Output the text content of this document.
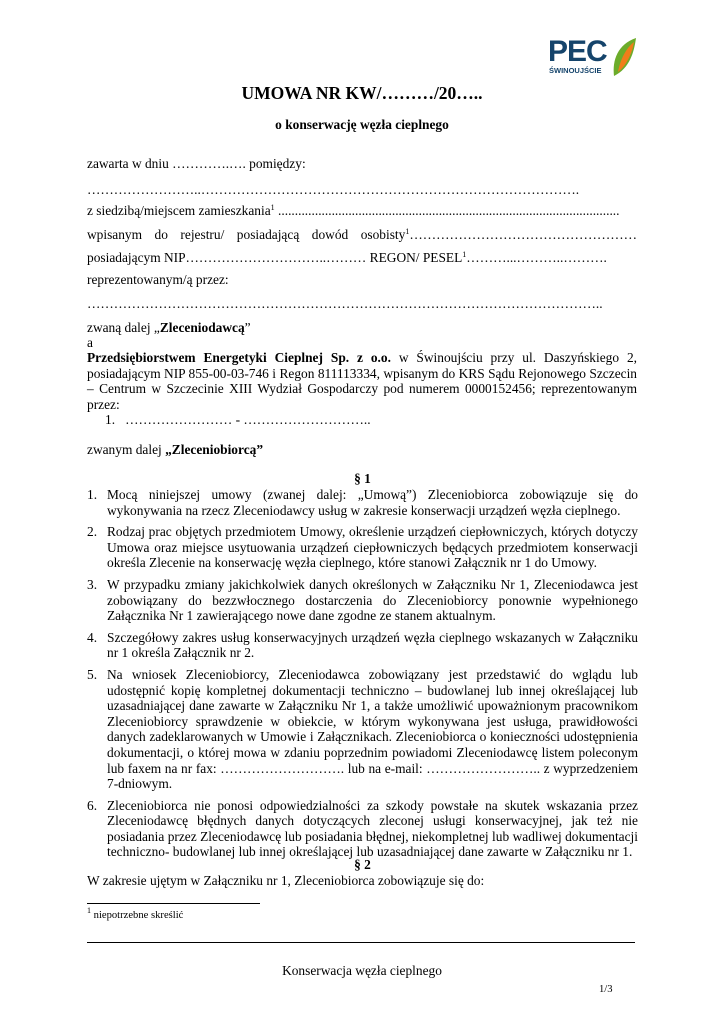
PEC
ŚWINOUJŚCIE
UMOWA NR KW/………/20…..
o konserwację węzła cieplnego
zawarta w dniu ………….…. pomiędzy:
……………………..………………………………………………………………………….
z siedzibą/miejscem zamieszkania$^1$ ......................................................................................................
wpisanym do rejestru/ posiadającą dowód osobisty$^1$……………………………………………
posiadającym NIP…………………………..……… REGON/ PESEL$^1$………...………..……….
reprezentowanym/ą przez:
……………………………………………………………………………………………………..
zwaną dalej „Zleceniodawcą”
a
Przedsiębiorstwem Energetyki Cieplnej Sp. z o.o. w Świnoujściu przy ul. Daszyńskiego 2, posiadającym NIP 855-00-03-746 i Regon 811113334, wpisanym do KRS Sądu Rejonowego Szczecin – Centrum w Szczecinie XIII Wydział Gospodarczy pod numerem 0000152456; reprezentowanym przez:
1. …………………… - ………………………..
zwanym dalej „Zleceniobiorcą”
§ 1
1. Mocą niniejszej umowy (zwanej dalej: „Umową”) Zleceniobiorca zobowiązuje się do wykonywania na rzecz Zleceniodawcy usług w zakresie konserwacji urządzeń węzła cieplnego.
2. Rodzaj prac objętych przedmiotem Umowy, określenie urządzeń ciepłowniczych, których dotyczy Umowa oraz miejsce usytuowania urządzeń ciepłowniczych będących przedmiotem konserwacji określa Zlecenie na konserwację węzła cieplnego, które stanowi Załącznik nr 1 do Umowy.
3. W przypadku zmiany jakichkolwiek danych określonych w Załączniku Nr 1, Zleceniodawca jest zobowiązany do bezzwłocznego dostarczenia do Zleceniobiorcy ponownie wypełnionego Załącznika Nr 1 zawierającego nowe dane zgodne ze stanem aktualnym.
4. Szczegółowy zakres usług konserwacyjnych urządzeń węzła cieplnego wskazanych w Załączniku nr 1 określa Załącznik nr 2.
5. Na wniosek Zleceniobiorcy, Zleceniodawca zobowiązany jest przedstawić do wglądu lub udostępnić kopię kompletnej dokumentacji techniczno – budowlanej lub innej określającej lub uzasadniającej dane zawarte w Załączniku Nr 1, a także umożliwić upoważnionym pracownikom Zleceniobiorcy sprawdzenie w obiekcie, w którym wykonywana jest usługa, prawidłowości danych zadeklarowanych w Umowie i Załącznikach. Zleceniobiorca o konieczności udostępnienia dokumentacji, o której mowa w zdaniu poprzednim powiadomi Zleceniodawcę listem poleconym lub faxem na nr fax: ………………………. lub na e-mail: …………………….. z wyprzedzeniem 7-dniowym.
6. Zleceniobiorca nie ponosi odpowiedzialności za szkody powstałe na skutek wskazania przez Zleceniodawcę błędnych danych dotyczących zleconej usługi konserwacyjnej, jak też nie posiadania przez Zleceniodawcę lub posiadania błędnej, niekompletnej lub wadliwej dokumentacji techniczno- budowlanej lub innej określającej lub uzasadniającej dane zawarte w Załączniku nr 1.
§ 2
W zakresie ujętym w Załączniku nr 1, Zleceniobiorca zobowiązuje się do:
$^1$ niepotrzebne skreślić
Konserwacja węzła cieplnego
1/3
